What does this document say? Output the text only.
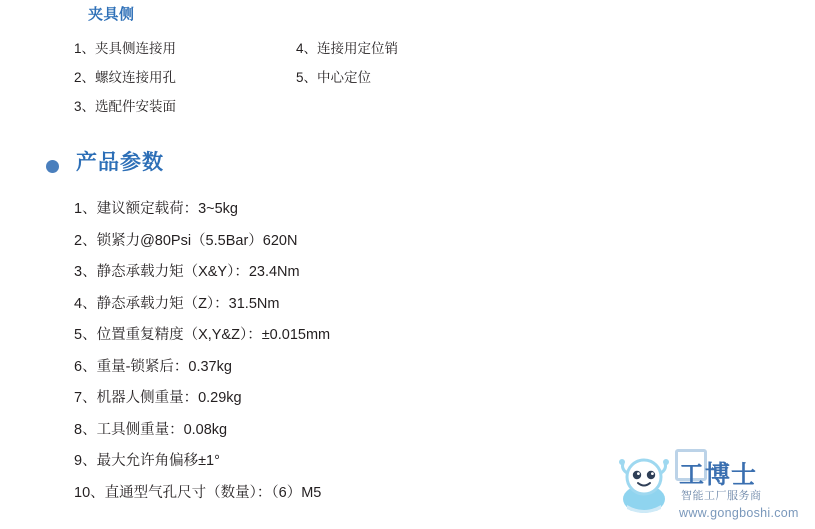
夹具侧
1、夹具侧连接用
2、螺纹连接用孔
3、选配件安装面
4、连接用定位销
5、中心定位
产品参数
1、建议额定载荷：3~5kg
2、锁紧力@80Psi（5.5Bar）620N
3、静态承载力矩（X&Y）：23.4Nm
4、静态承载力矩（Z）：31.5Nm
5、位置重复精度（X,Y&Z）：±0.015mm
6、重量-锁紧后：0.37kg
7、机器人侧重量：0.29kg
8、工具侧重量：0.08kg
9、最大允许角偏移±1°
10、直通型气孔尺寸（数量）：（6）M5
工博士
智能工厂服务商
www.gongboshi.com
